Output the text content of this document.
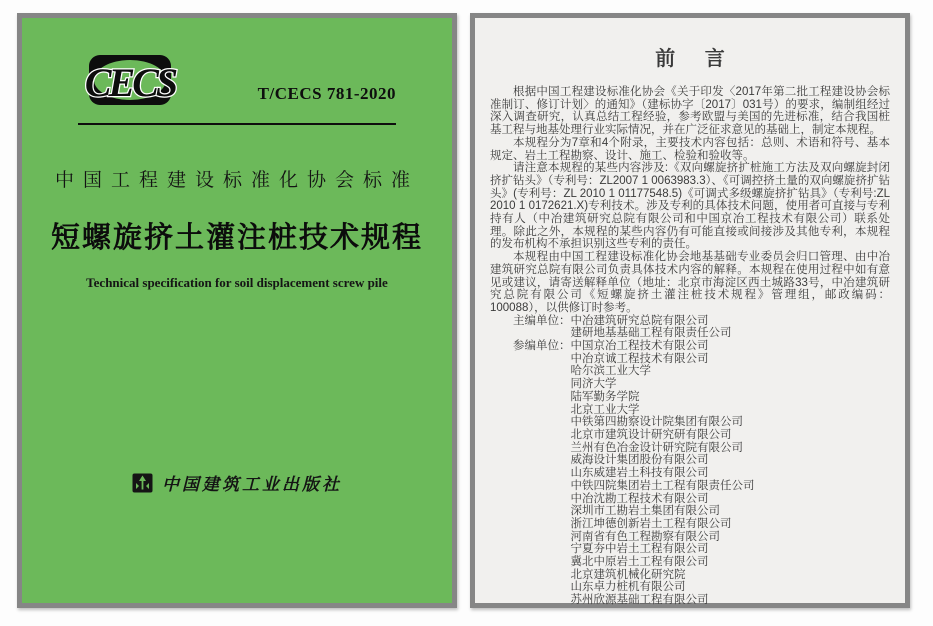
CECS	T/CECS 781-2020
中国工程建设标准化协会标准
短螺旋挤土灌注桩技术规程
Technical specification for soil displacement screw pile
中国建筑工业出版社
前 言

根据中国工程建设标准化协会《关于印发〈2017年第二批工程建设协会标准制订、修订计划〉的通知》（建标协字〔2017〕031号）的要求，编制组经过深入调查研究，认真总结工程经验，参考欧盟与美国的先进标准，结合我国桩基工程与地基处理行业实际情况，并在广泛征求意见的基础上，制定本规程。

本规程分为7章和4个附录，主要技术内容包括：总则、术语和符号、基本规定、岩土工程勘察、设计、施工、检验和验收等。

请注意本规程的某些内容涉及:《双向螺旋挤扩桩施工方法及双向螺旋封闭挤扩钻头》（专利号：ZL2007 1 0063983.3）、《可调控挤土量的双向螺旋挤扩钻头》(专利号：ZL 2010 1 01177548.5)《可调式多级螺旋挤扩钻具》（专利号:ZL 2010 1 0172621.X)专利技术。涉及专利的具体技术问题，使用者可直接与专利持有人（中冶建筑研究总院有限公司和中国京冶工程技术有限公司）联系处理。除此之外，本规程的某些内容仍有可能直接或间接涉及其他专利，本规程的发布机构不承担识别这些专利的责任。

本规程由中国工程建设标准化协会地基基础专业委员会归口管理、由中冶建筑研究总院有限公司负责具体技术内容的解释。本规程在使用过程中如有意见或建议，请寄送解释单位（地址：北京市海淀区西土城路33号，中冶建筑研究总院有限公司《短螺旋挤土灌注桩技术规程》管理组，邮政编码：100088），以供修订时参考。

主编单位： 中冶建筑研究总院有限公司
建研地基基础工程有限责任公司
参编单位： 中国京冶工程技术有限公司
中冶京诚工程技术有限公司
哈尔滨工业大学
同济大学
陆军勤务学院
北京工业大学
中铁第四勘察设计院集团有限公司
北京市建筑设计研究研有限公司
兰州有色冶金设计研究院有限公司
威海设计集团股份有限公司
山东威建岩土科技有限公司
中铁四院集团岩土工程有限责任公司
中冶沈勘工程技术有限公司
深圳市工勘岩土集团有限公司
浙江坤德创新岩土工程有限公司
河南省有色工程勘察有限公司
宁夏夯中岩土工程有限公司
冀北中原岩土工程有限公司
北京建筑机械化研究院
山东卓力桩机有限公司
苏州欣源基础工程有限公司
